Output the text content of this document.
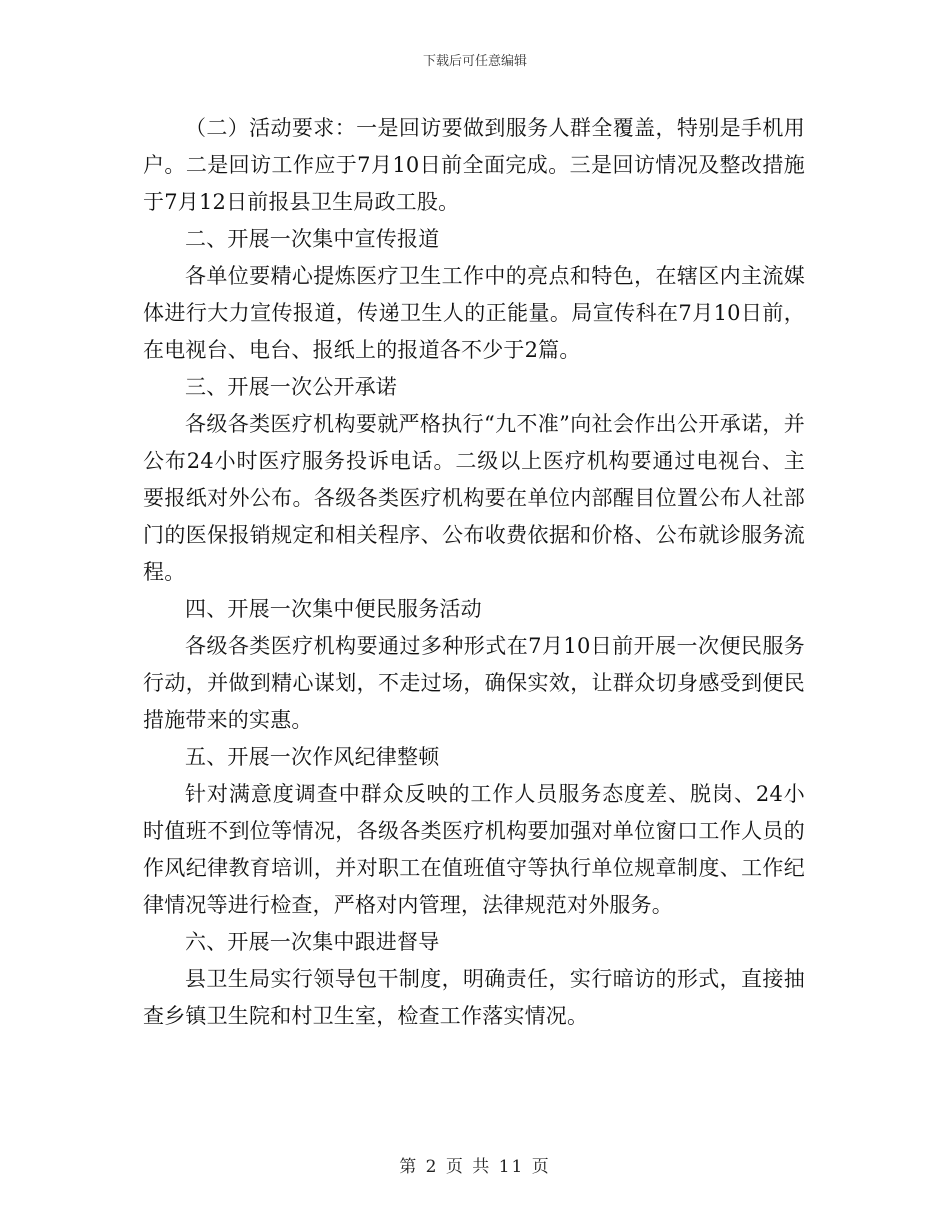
下载后可任意编辑

（二）活动要求：一是回访要做到服务人群全覆盖，特别是手机用户。二是回访工作应于7月10日前全面完成。三是回访情况及整改措施于7月12日前报县卫生局政工股。

二、开展一次集中宣传报道

各单位要精心提炼医疗卫生工作中的亮点和特色，在辖区内主流媒体进行大力宣传报道，传递卫生人的正能量。局宣传科在7月10日前，在电视台、电台、报纸上的报道各不少于2篇。

三、开展一次公开承诺

各级各类医疗机构要就严格执行“九不准”向社会作出公开承诺，并公布24小时医疗服务投诉电话。二级以上医疗机构要通过电视台、主要报纸对外公布。各级各类医疗机构要在单位内部醒目位置公布人社部门的医保报销规定和相关程序、公布收费依据和价格、公布就诊服务流程。

四、开展一次集中便民服务活动

各级各类医疗机构要通过多种形式在7月10日前开展一次便民服务行动，并做到精心谋划，不走过场，确保实效，让群众切身感受到便民措施带来的实惠。

五、开展一次作风纪律整顿

针对满意度调查中群众反映的工作人员服务态度差、脱岗、24小时值班不到位等情况，各级各类医疗机构要加强对单位窗口工作人员的作风纪律教育培训，并对职工在值班值守等执行单位规章制度、工作纪律情况等进行检查，严格对内管理，法律规范对外服务。

六、开展一次集中跟进督导

县卫生局实行领导包干制度，明确责任，实行暗访的形式，直接抽查乡镇卫生院和村卫生室，检查工作落实情况。

第 2 页 共 11 页
